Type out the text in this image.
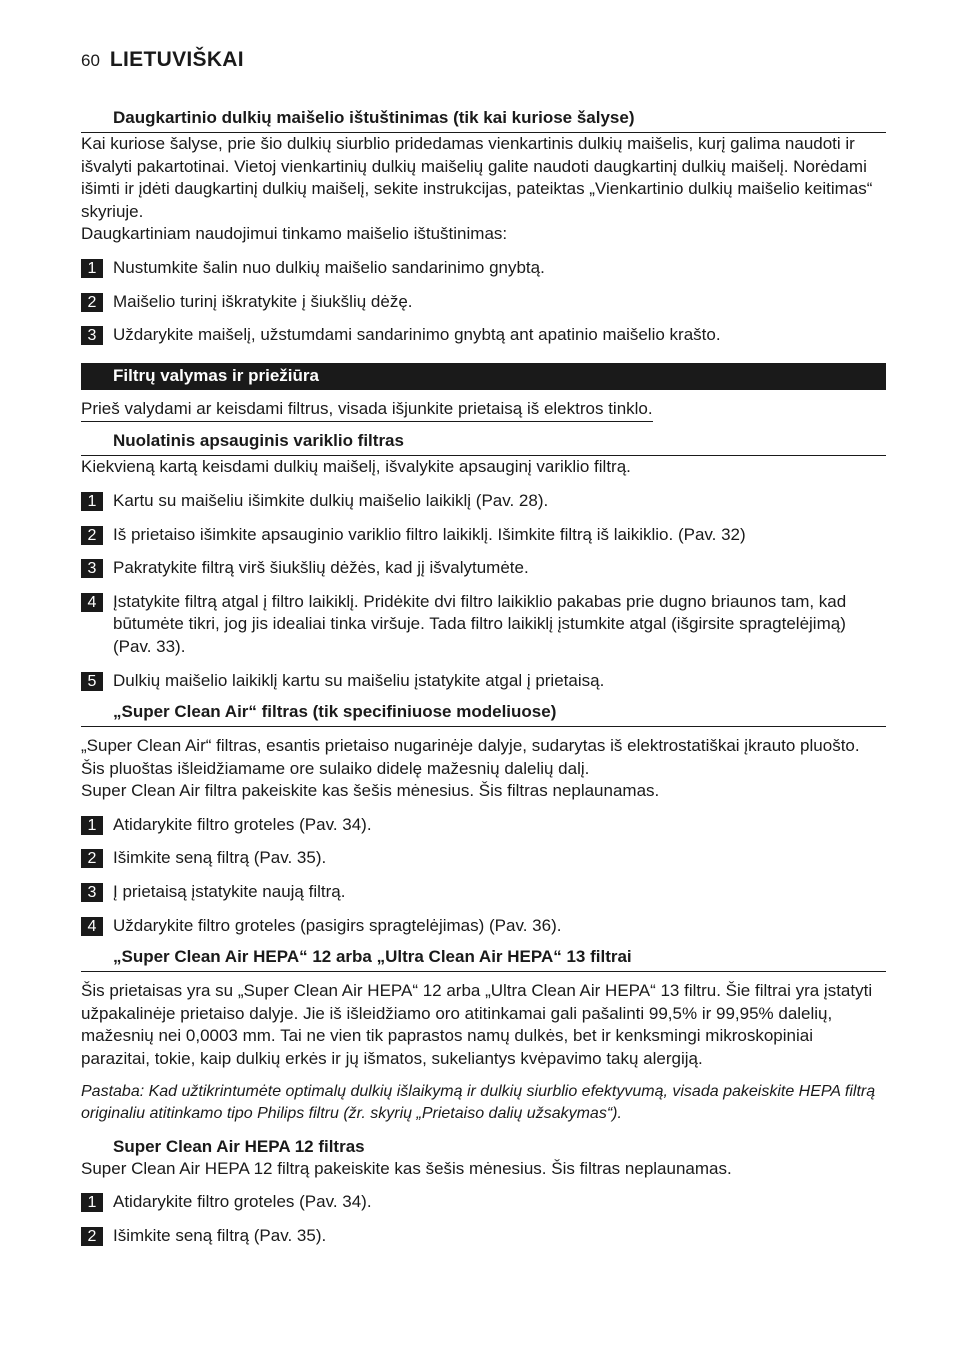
60 LIETUVIŠKAI
Daugkartinio dulkių maišelio ištuštinimas (tik kai kuriose šalyse)

Kai kuriose šalyse, prie šio dulkių siurblio pridedamas vienkartinis dulkių maišelis, kurį galima naudoti ir išvalyti pakartotinai. Vietoj vienkartinių dulkių maišelių galite naudoti daugkartinį dulkių maišelį. Norėdami išimti ir įdėti daugkartinį dulkių maišelį, sekite instrukcijas, pateiktas „Vienkartinio dulkių maišelio keitimas“ skyriuje.

Daugkartiniam naudojimui tinkamo maišelio ištuštinimas:

1 Nustumkite šalin nuo dulkių maišelio sandarinimo gnybtą.
2 Maišelio turinį iškratykite į šiukšlių dėžę.
3 Uždarykite maišelį, užstumdami sandarinimo gnybtą ant apatinio maišelio krašto.
Filtrų valymas ir priežiūra
Prieš valydami ar keisdami filtrus, visada išjunkite prietaisą iš elektros tinklo.
Nuolatinis apsauginis variklio filtras

Kiekvieną kartą keisdami dulkių maišelį, išvalykite apsauginį variklio filtrą.

1 Kartu su maišeliu išimkite dulkių maišelio laikiklį (Pav. 28).
2 Iš prietaiso išimkite apsauginio variklio filtro laikiklį. Išimkite filtrą iš laikiklio. (Pav. 32)
3 Pakratykite filtrą virš šiukšlių dėžės, kad jį išvalytumėte.
4 Įstatykite filtrą atgal į filtro laikiklį. Pridėkite dvi filtro laikiklio pakabas prie dugno briaunos tam, kad būtumėte tikri, jog jis idealiai tinka viršuje. Tada filtro laikiklį įstumkite atgal (išgirsite spragtelėjimą) (Pav. 33).
5 Dulkių maišelio laikiklį kartu su maišeliu įstatykite atgal į prietaisą.
„Super Clean Air“ filtras (tik specifiniuose modeliuose)

„Super Clean Air“ filtras, esantis prietaiso nugarinėje dalyje, sudarytas iš elektrostatiškai įkrauto pluošto. Šis pluoštas išleidžiamame ore sulaiko didelę mažesnių dalelių dalį.

Super Clean Air filtra pakeiskite kas šešis mėnesius. Šis filtras neplaunamas.

1 Atidarykite filtro groteles (Pav. 34).
2 Išimkite seną filtrą (Pav. 35).
3 Į prietaisą įstatykite naują filtrą.
4 Uždarykite filtro groteles (pasigirs spragtelėjimas) (Pav. 36).
„Super Clean Air HEPA“ 12 arba „Ultra Clean Air HEPA“ 13 filtrai

Šis prietaisas yra su „Super Clean Air HEPA“ 12 arba „Ultra Clean Air HEPA“ 13 filtru. Šie filtrai yra įstatyti užpakalinėje prietaiso dalyje. Jie iš išleidžiamo oro atitinkamai gali pašalinti 99,5% ir 99,95% dalelių, mažesnių nei 0,0003 mm. Tai ne vien tik paprastos namų dulkės, bet ir kenksmingi mikroskopiniai parazitai, tokie, kaip dulkių erkės ir jų išmatos, sukeliantys kvėpavimo takų alergiją.

Pastaba: Kad užtikrintumėte optimalų dulkių išlaikymą ir dulkių siurblio efektyvumą, visada pakeiskite HEPA filtrą originaliu atitinkamo tipo Philips filtru (žr. skyrių „Prietaiso dalių užsakymas“).

Super Clean Air HEPA 12 filtras

Super Clean Air HEPA 12 filtrą pakeiskite kas šešis mėnesius. Šis filtras neplaunamas.

1 Atidarykite filtro groteles (Pav. 34).
2 Išimkite seną filtrą (Pav. 35).
